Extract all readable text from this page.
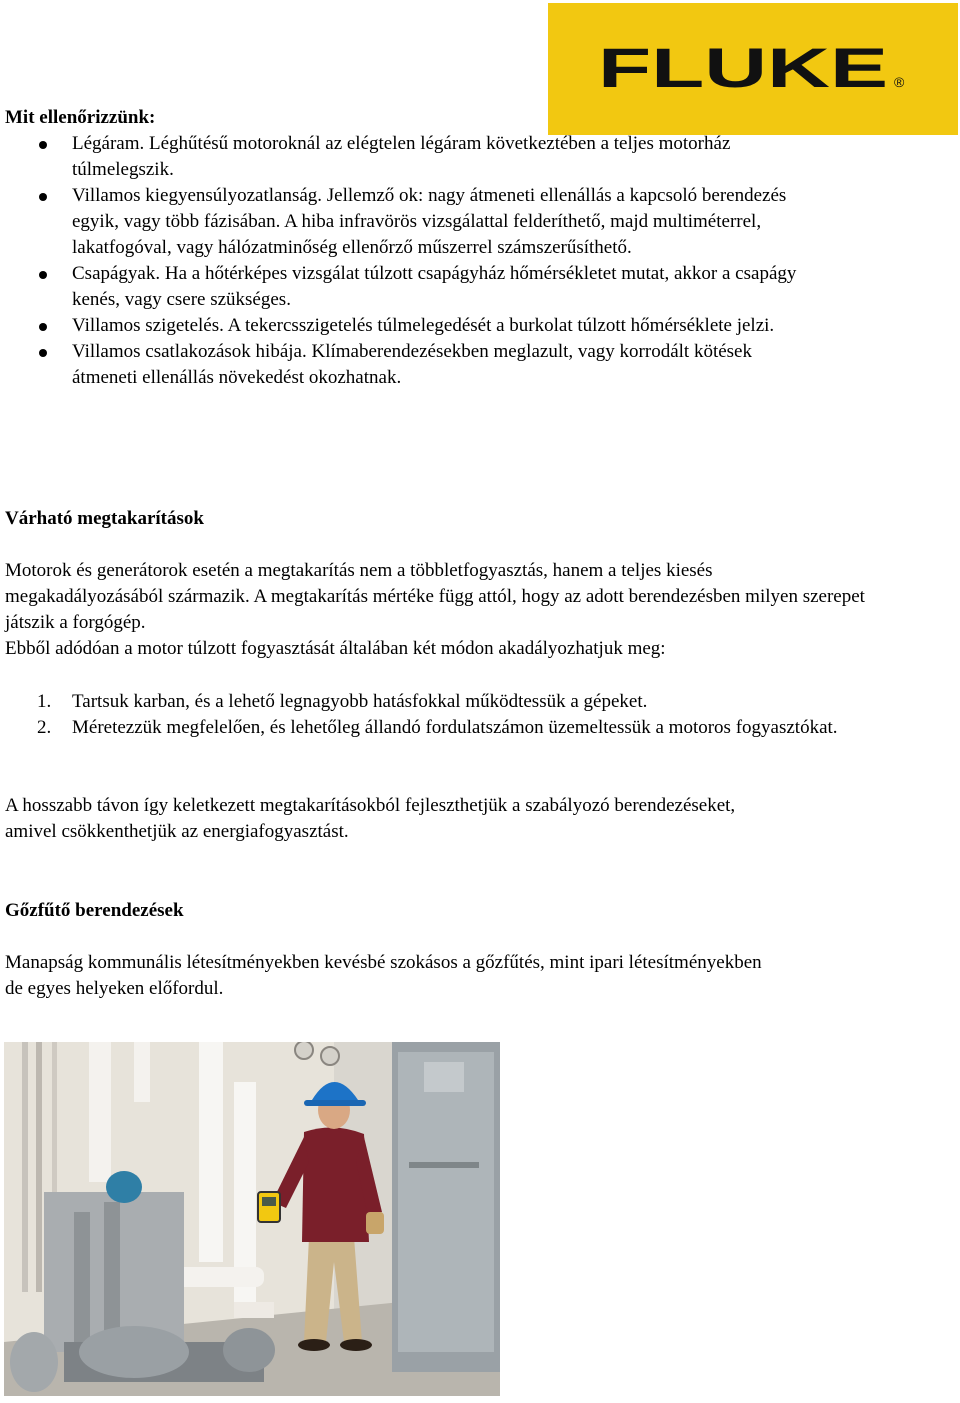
FLUKE ®
Mit ellenőrizzünk:
Légáram. Léghűtésű motoroknál az elégtelen légáram következtében a teljes motorház túlmelegszik.
Villamos kiegyensúlyozatlanság. Jellemző ok: nagy átmeneti ellenállás a kapcsoló berendezés egyik, vagy több fázisában. A hiba infravörös vizsgálattal felderíthető, majd multiméterrel, lakatfogóval, vagy hálózatminőség ellenőrző műszerrel számszerűsíthető.
Csapágyak. Ha a hőtérképes vizsgálat túlzott csapágyház hőmérsékletet mutat, akkor a csapágy kenés, vagy csere szükséges.
Villamos szigetelés. A tekercsszigetelés túlmelegedését a burkolat túlzott hőmérséklete jelzi.
Villamos csatlakozások hibája. Klímaberendezésekben meglazult, vagy korrodált kötések átmeneti ellenállás növekedést okozhatnak.
Várható megtakarítások

Motorok és generátorok esetén a megtakarítás nem a többletfogyasztás, hanem a teljes kiesés megakadályozásából származik. A megtakarítás mértéke függ attól, hogy az adott berendezésben milyen szerepet játszik a forgógép.

Ebből adódóan a motor túlzott fogyasztását általában két módon akadályozhatjuk meg:

1. Tartsuk karban, és a lehető legnagyobb hatásfokkal működtessük a gépeket.
2. Méretezzük megfelelően, és lehetőleg állandó fordulatszámon üzemeltessük a motoros fogyasztókat.
A hosszabb távon így keletkezett megtakarításokból fejleszthetjük a szabályozó berendezéseket, amivel csökkenthetjük az energiafogyasztást.
Gőzfűtő berendezések
Manapság kommunális létesítményekben kevésbé szokásos a gőzfűtés, mint ipari létesítményekben de egyes helyeken előfordul.
